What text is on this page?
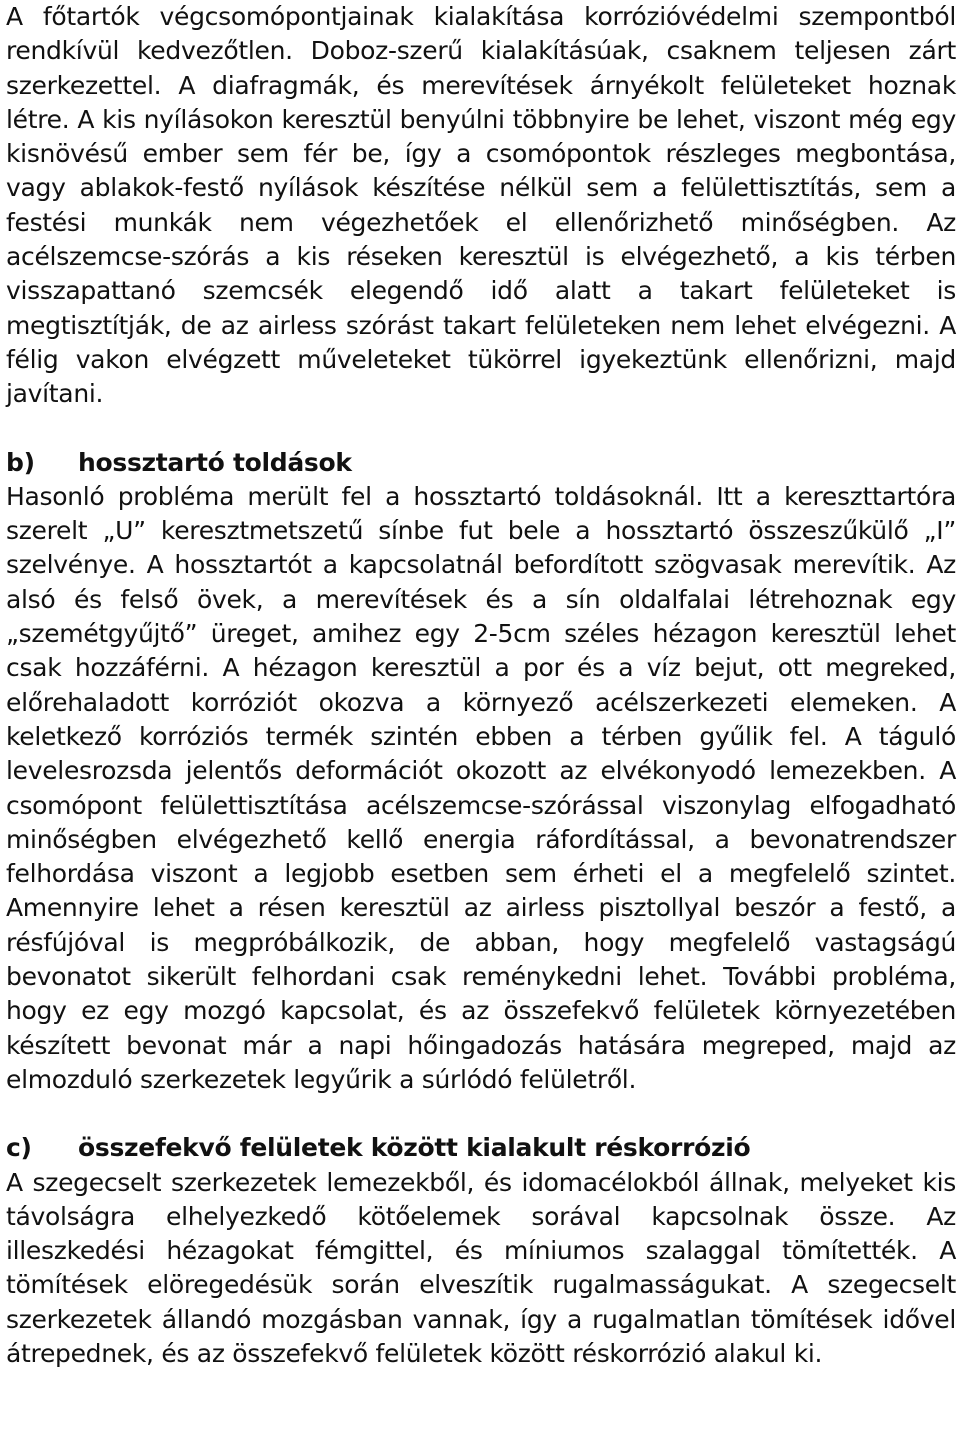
A főtartók végcsomópontjainak kialakítása korrózióvédelmi szempontból rendkívül kedvezőtlen. Doboz-szerű kialakításúak, csaknem teljesen zárt szerkezettel. A diafragmák, és merevítések árnyékolt felületeket hoznak létre. A kis nyílásokon keresztül benyúlni többnyire be lehet, viszont még egy kisnövésű ember sem fér be, így a csomópontok részleges megbontása, vagy ablakok-festő nyílások készítése nélkül sem a felülettisztítás, sem a festési munkák nem végezhetőek el ellenőrizhető minőségben. Az acélszemcse-szórás a kis réseken keresztül is elvégezhető, a kis térben visszapattanó szemcsék elegendő idő alatt a takart felületeket is megtisztítják, de az airless szórást takart felületeken nem lehet elvégezni. A félig vakon elvégzett műveleteket tükörrel igyekeztünk ellenőrizni, majd javítani.

b) hossztartó toldások

Hasonló probléma merült fel a hossztartó toldásoknál. Itt a kereszttartóra szerelt „U” keresztmetszetű sínbe fut bele a hossztartó összeszűkülő „I” szelvénye. A hossztartót a kapcsolatnál befordított szögvasak merevítik. Az alsó és felső övek, a merevítések és a sín oldalfalai létrehoznak egy „szemétgyűjtő” üreget, amihez egy 2-5cm széles hézagon keresztül lehet csak hozzáférni. A hézagon keresztül a por és a víz bejut, ott megreked, előrehaladott korróziót okozva a környező acélszerkezeti elemeken. A keletkező korróziós termék szintén ebben a térben gyűlik fel. A táguló levelesrozsda jelentős deformációt okozott az elvékonyodó lemezekben. A csomópont felülettisztítása acélszemcse-szórással viszonylag elfogadható minőségben elvégezhető kellő energia ráfordítással, a bevonatrendszer felhordása viszont a legjobb esetben sem érheti el a megfelelő szintet. Amennyire lehet a résen keresztül az airless pisztollyal beszór a festő, a résfújóval is megpróbálkozik, de abban, hogy megfelelő vastagságú bevonatot sikerült felhordani csak reménykedni lehet. További probléma, hogy ez egy mozgó kapcsolat, és az összefekvő felületek környezetében készített bevonat már a napi hőingadozás hatására megreped, majd az elmozduló szerkezetek legyűrik a súrlódó felületről.

c) összefekvő felületek között kialakult réskorrózió

A szegecselt szerkezetek lemezekből, és idomacélokból állnak, melyeket kis távolságra elhelyezkedő kötőelemek sorával kapcsolnak össze. Az illeszkedési hézagokat fémgittel, és míniumos szalaggal tömítették. A tömítések elöregedésük során elveszítik rugalmasságukat. A szegecselt szerkezetek állandó mozgásban vannak, így a rugalmatlan tömítések idővel átrepednek, és az összefekvő felületek között réskorrózió alakul ki.
